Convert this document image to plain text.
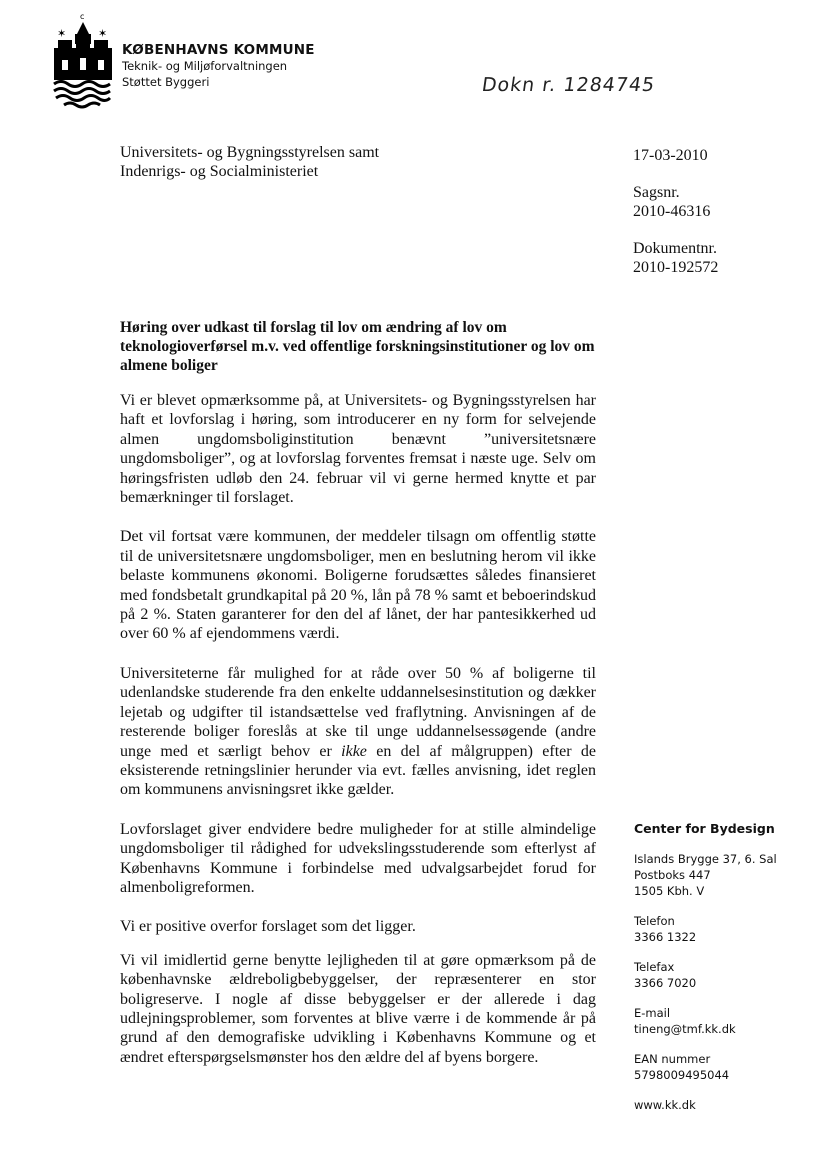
c
✶	✶
KØBENHAVNS KOMMUNE
Teknik- og Miljøforvaltningen
Støttet Byggeri	Dokn r. 1284745
Universitets- og Bygningsstyrelsen samt
Indenrigs- og Socialministeriet
17-03-2010
Sagsnr.
2010-46316
Dokumentnr.
2010-192572
Høring over udkast til forslag til lov om ændring af lov om teknologioverførsel m.v. ved offentlige forskningsinstitutioner og lov om almene boliger

Vi er blevet opmærksomme på, at Universitets- og Bygningsstyrelsen har haft et lovforslag i høring, som introducerer en ny form for selvejende almen ungdomsboliginstitution benævnt ”universitetsnære ungdomsboliger”, og at lovforslag forventes fremsat i næste uge. Selv om høringsfristen udløb den 24. februar vil vi gerne hermed knytte et par bemærkninger til forslaget.

Det vil fortsat være kommunen, der meddeler tilsagn om offentlig støtte til de universitetsnære ungdomsboliger, men en beslutning herom vil ikke belaste kommunens økonomi. Boligerne forudsættes således finansieret med fondsbetalt grundkapital på 20 %, lån på 78 % samt et beboerindskud på 2 %. Staten garanterer for den del af lånet, der har pantesikkerhed ud over 60 % af ejendommens værdi.

Universiteterne får mulighed for at råde over 50 % af boligerne til udenlandske studerende fra den enkelte uddannelsesinstitution og dækker lejetab og udgifter til istandsættelse ved fraflytning. Anvisningen af de resterende boliger foreslås at ske til unge uddannelsessøgende (andre unge med et særligt behov er ikke en del af målgruppen) efter de eksisterende retningslinier herunder via evt. fælles anvisning, idet reglen om kommunens anvisningsret ikke gælder.

Lovforslaget giver endvidere bedre muligheder for at stille almindelige ungdomsboliger til rådighed for udvekslingsstuderende som efterlyst af Københavns Kommune i forbindelse med udvalgsarbejdet forud for almenboligreformen.

Vi er positive overfor forslaget som det ligger.

Vi vil imidlertid gerne benytte lejligheden til at gøre opmærksom på de københavnske ældreboligbebyggelser, der repræsenterer en stor boligreserve. I nogle af disse bebyggelser er der allerede i dag udlejningsproblemer, som forventes at blive værre i de kommende år på grund af den demografiske udvikling i Københavns Kommune og et ændret efterspørgselsmønster hos den ældre del af byens borgere.

Center for Bydesign
Islands Brygge 37, 6. Sal
Postboks 447
1505 Kbh. V
Telefon
3366 1322
Telefax
3366 7020
E-mail
tineng@tmf.kk.dk
EAN nummer
5798009495044
www.kk.dk
